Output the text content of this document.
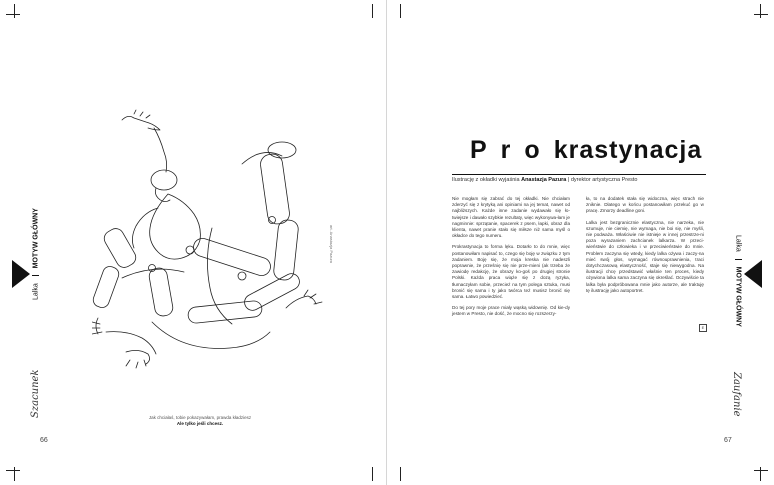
Lalka  MOTYW GŁÓWNY
Szacunek
66
art. Anastazja Pazura
Jak chciałaś, tobie pokazywałam, prawda kładziesz
Ale tylko jeśli chcesz.
Prokrastynacja
Ilustrację z okładki wyjaśnia Anastazja Pazura | dyrektor artystyczna Presto

Nie mogłam się zabrać do tej okładki. Nie chciałam zderzyć się z krytyką ani opiniami na jej temat, nawet od najbliższych. Każde inne zadanie wydawało się ło-twiejsze i dawało szybkie rezultaty, więc wykonywa-łam je nagminnie: sprzątanie, spacerek z psem, łapki, obraz dla klienta, nawet pranie stało się miłsze niż sama myśl o okładce do tego numeru.

Prokrastynacja to forma lęku. Dotarło to do mnie, więc postanowiłam napisać to, czego się boję w związku z tym zadaniem. Boję się, że moja kreska nie nadeszli poprawnie, że prześnię się nie prze-mieni (ak trzeba że zawiodę redakcję, że obrazy ko-goś po drugiej stronie Polski. Każda praca wiąże się z dozą ryzyka, tłumaczyłam sobie, przecież na tym polega sztuka, musi bronić się sama i ty jako twórca też musisz bronić się sama. Łatwo powiedzieć.

Do tej pory moje prace miały wąską widownię. Od kie-dy jestem w Presto, nie dość, że mocno się rozszerzy-

ła, to na dodatek stała się widoczna, więc strach nie zniknie. Dlatego w końcu postanowiłam przekuć go w pracę. Zmorzy deadline goni.

Lalka jest bezgranicznie elastyczna, nie narzeka, nie szumuje, nie ciemię, nie wymaga, nie boi się, nie myśli, nie podważa. Właściwie nie istnieje w innej przestrze-ni poza wyrazaniem zachcianek lalkarza. W przeci-wieństwie do człowieka i w przeciwieństwie do mnie. Problem zaczyna się wtedy, kiedy lalka ożywa i zaczy-na mieć swój głos, wymagać równouprawnienia, traci dotychczasową elastyczność, staje się niewygodna. Na ilustracji chcę przedstawić właśnie ten proces, kiedy ożywiona lalka sama zaczyna się określać. Oczywiście ta lalka była podpróbowana mnie jako autorze, ale traktuję tę ilustrację jako autoportret.

E
Lalka  MOTYW GŁÓWNY
Zaufanie
67
